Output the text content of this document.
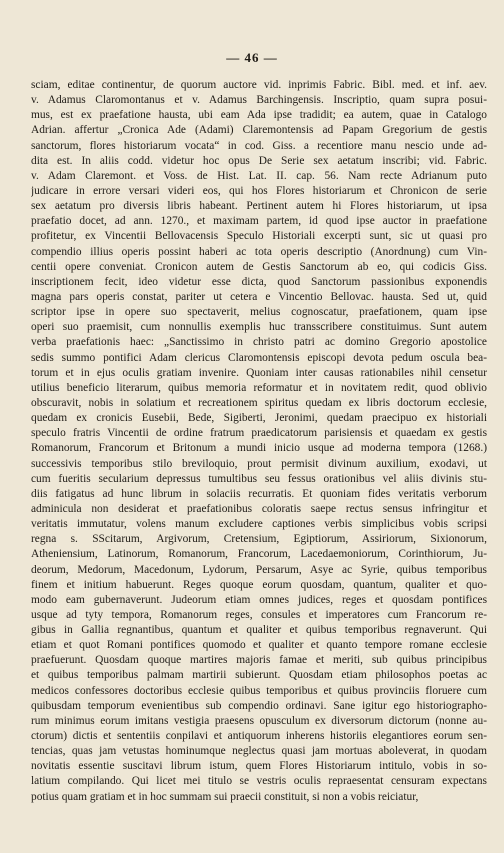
— 46 —
sciam, editae continentur, de quorum auctore vid. inprimis Fabric. Bibl. med. et inf. aev.
v. Adamus Claromontanus et v. Adamus Barchingensis. Inscriptio, quam supra posui-
mus, est ex praefatione hausta, ubi eam Ada ipse tradidit; ea autem, quae in Catalogo
Adrian. affertur „Cronica Ade (Adami) Claremontensis ad Papam Gregorium de gestis
sanctorum, flores historiarum vocata“ in cod. Giss. a recentiore manu nescio unde ad-
dita est. In aliis codd. videtur hoc opus De Serie sex aetatum inscribi; vid. Fabric.
v. Adam Claremont. et Voss. de Hist. Lat. II. cap. 56. Nam recte Adrianum puto
judicare in errore versari videri eos, qui hos Flores historiarum et Chronicon de serie
sex aetatum pro diversis libris habeant. Pertinent autem hi Flores historiarum, ut ipsa
praefatio docet, ad ann. 1270., et maximam partem, id quod ipse auctor in praefatione
profitetur, ex Vincentii Bellovacensis Speculo Historiali excerpti sunt, sic ut quasi pro
compendio illius operis possint haberi ac tota operis descriptio (Anordnung) cum Vin-
centii opere conveniat. Cronicon autem de Gestis Sanctorum ab eo, qui codicis Giss.
inscriptionem fecit, ideo videtur esse dicta, quod Sanctorum passionibus exponendis
magna pars operis constat, pariter ut cetera e Vincentio Bellovac. hausta. Sed ut, quid
scriptor ipse in opere suo spectaverit, melius cognoscatur, praefationem, quam ipse
operi suo praemisit, cum nonnullis exemplis huc transscribere constituimus. Sunt autem
verba praefationis haec: „Sanctissimo in christo patri ac domino Gregorio apostolice
sedis summo pontifici Adam clericus Claromontensis episcopi devota pedum oscula bea-
torum et in ejus oculis gratiam invenire. Quoniam inter causas rationabiles nihil censetur
utilius beneficio literarum, quibus memoria reformatur et in novitatem redit, quod oblivio
obscuravit, nobis in solatium et recreationem spiritus quedam ex libris doctorum ecclesie,
quedam ex cronicis Eusebii, Bede, Sigiberti, Jeronimi, quedam praecipuo ex historiali
speculo fratris Vincentii de ordine fratrum praedicatorum parisiensis et quaedam ex gestis
Romanorum, Francorum et Britonum a mundi inicio usque ad moderna tempora (1268.)
successivis temporibus stilo breviloquio, prout permisit divinum auxilium, exodavi, ut
cum fueritis secularium depressus tumultibus seu fessus orationibus vel aliis divinis stu-
diis fatigatus ad hunc librum in solaciis recurratis. Et quoniam fides veritatis verborum
adminicula non desiderat et praefationibus coloratis saepe rectus sensus infringitur et
veritatis immutatur, volens manum excludere captiones verbis simplicibus vobis scripsi
regna s. SScitarum, Argivorum, Cretensium, Egiptiorum, Assiriorum, Sixionorum,
Atheniensium, Latinorum, Romanorum, Francorum, Lacedaemoniorum, Corinthiorum, Ju-
deorum, Medorum, Macedonum, Lydorum, Persarum, Asye ac Syrie, quibus temporibus
finem et initium habuerunt. Reges quoque eorum quosdam, quantum, qualiter et quo-
modo eam gubernaverunt. Judeorum etiam omnes judices, reges et quosdam pontifices
usque ad tyty tempora, Romanorum reges, consules et imperatores cum Francorum re-
gibus in Gallia regnantibus, quantum et qualiter et quibus temporibus regnaverunt. Qui
etiam et quot Romani pontifices quomodo et qualiter et quanto tempore romane ecclesie
praefuerunt. Quosdam quoque martires majoris famae et meriti, sub quibus principibus
et quibus temporibus palmam martirii subierunt. Quosdam etiam philosophos poetas ac
medicos confessores doctoribus ecclesie quibus temporibus et quibus provinciis floruere cum
quibusdam temporum evenientibus sub compendio ordinavi. Sane igitur ego historiographo-
rum minimus eorum imitans vestigia praesens opusculum ex diversorum dictorum (nonne au-
ctorum) dictis et sententiis conpilavi et antiquorum inherens historiis elegantiores eorum sen-
tencias, quas jam vetustas hominumque neglectus quasi jam mortuas aboleverat, in quodam
novitatis essentie suscitavi librum istum, quem Flores Historiarum intitulo, vobis in so-
latium compilando. Qui licet mei titulo se vestris oculis repraesentat censuram expectans
potius quam gratiam et in hoc summam sui praecii constituit, si non a vobis reiciatur,
